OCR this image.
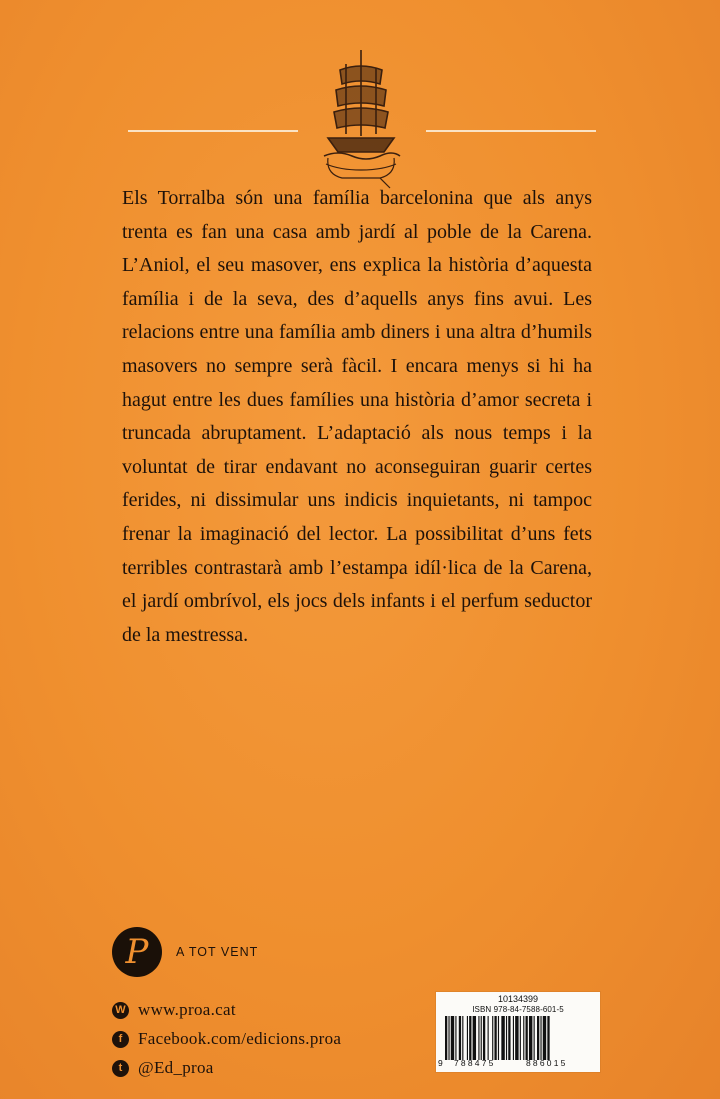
Els Torralba són una família barcelonina que als anys trenta es fan una casa amb jardí al poble de la Carena. L’Aniol, el seu masover, ens explica la història d’aquesta família i de la seva, des d’aquells anys fins avui. Les relacions entre una família amb diners i una altra d’humils masovers no sempre serà fàcil. I encara menys si hi ha hagut entre les dues famílies una història d’amor secreta i truncada abruptament. L’adaptació als nous temps i la voluntat de tirar endavant no aconseguiran guarir certes ferides, ni dissimular uns indicis inquietants, ni tampoc frenar la imaginació del lector. La possibilitat d’uns fets terribles contrastarà amb l’estampa idíl·lica de la Carena, el jardí ombrívol, els jocs dels infants i el perfum seductor de la mestressa.

P	A TOT VENT
W www.proa.cat
f Facebook.com/edicions.proa
t @Ed_proa
10134399
ISBN 978-84-7588-601-5
9 788475	886015
